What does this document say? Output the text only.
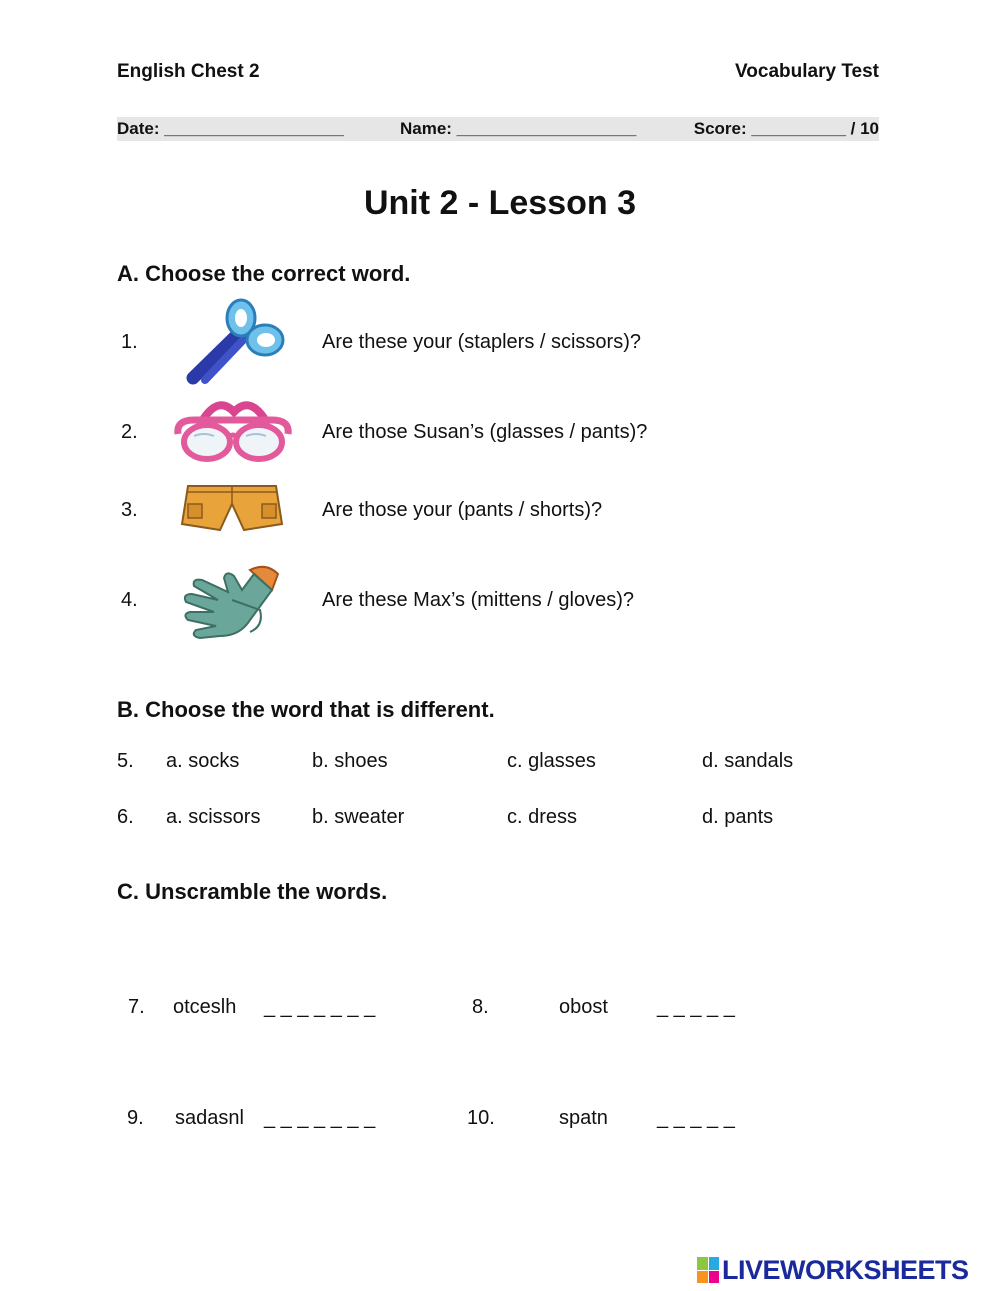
English Chest 2	Vocabulary Test
Date: ___________________	Name: ___________________	Score: __________ / 10
Unit 2 - Lesson 3
A. Choose the correct word.
1.	Are these your (staplers / scissors)?
2.	Are those Susan’s (glasses / pants)?
3.	Are those your (pants / shorts)?
4.	Are these Max’s (mittens / gloves)?
B. Choose the word that is different.
5. a. socks	b. shoes	c. glasses	d. sandals
6. a. scissors	b. sweater	c. dress	d. pants
C. Unscramble the words.
7. otceslh _ _ _ _ _ _ _	8.	obost _ _ _ _ _
9. sadasnl _ _ _ _ _ _ _	10.	spatn _ _ _ _ _
LIVEWORKSHEETS
